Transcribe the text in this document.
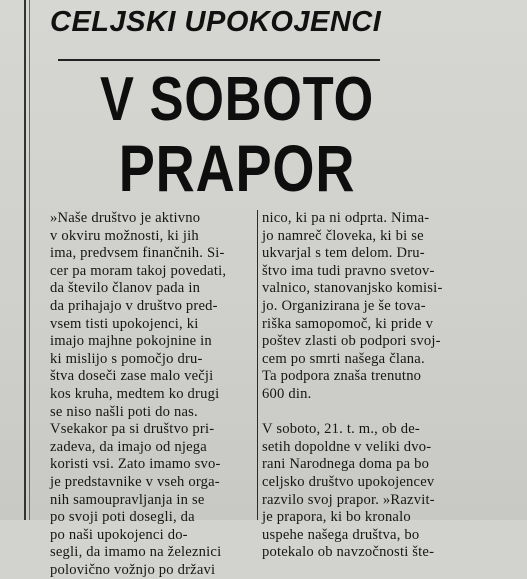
CELJSKI UPOKOJENCI
V SOBOTO
PRAPOR
»Naše društvo je aktivno
v okviru možnosti, ki jih
ima, predvsem finančnih. Si-
cer pa moram takoj povedati,
da število članov pada in
da prihajajo v društvo pred-
vsem tisti upokojenci, ki
imajo majhne pokojnine in
ki mislijo s pomočjo dru-
štva doseči zase malo večji
kos kruha, medtem ko drugi
se niso našli poti do nas.
Vsekakor pa si društvo pri-
zadeva, da imajo od njega
koristi vsi. Zato imamo svo-
je predstavnike v vseh orga-
nih samoupravljanja in se
po svoji poti dosegli, da
po naši upokojenci do-
segli, da imamo na železnici
polovično vožnjo po državi
nico, ki pa ni odprta. Nima-
jo namreč človeka, ki bi se
ukvarjal s tem delom. Dru-
štvo ima tudi pravno svetov-
valnico, stanovanjsko komisi-
jo. Organizirana je še tova-
riška samopomoč, ki pride v
poštev zlasti ob podpori svoj-
cem po smrti našega člana.
Ta podpora znaša trenutno
600 din.
V soboto, 21. t. m., ob de-
setih dopoldne v veliki dvo-
rani Narodnega doma pa bo
celjsko društvo upokojencev
razvilo svoj prapor. »Razvit-
je prapora, ki bo kronalo
uspehe našega društva, bo
potekalo ob navzočnosti šte-
